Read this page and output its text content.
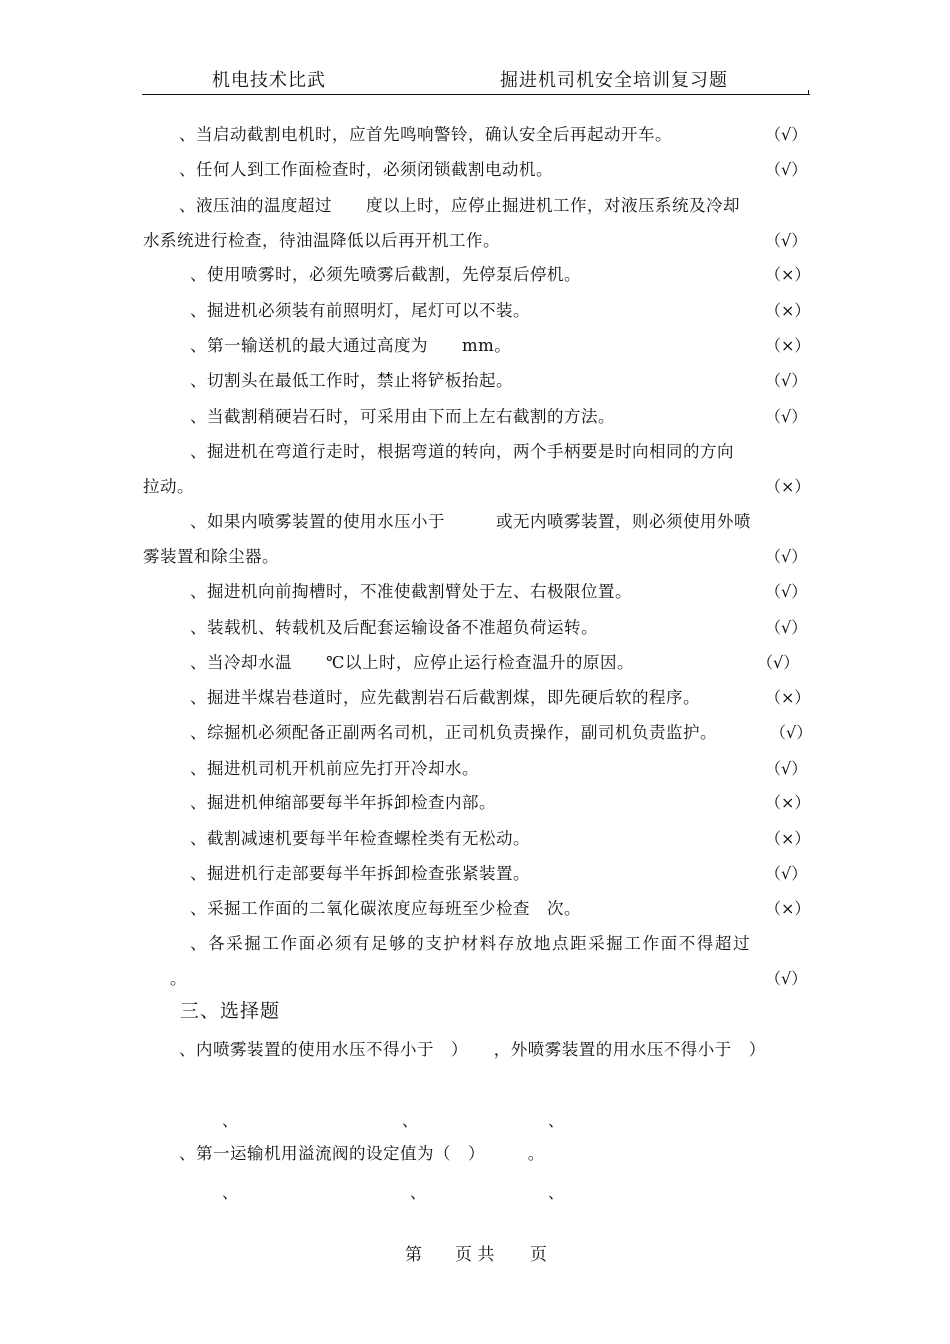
机电技术比武	掘进机司机安全培训复习题
、当启动截割电机时，应首先鸣响警铃，确认安全后再起动开车。	（√）
、任何人到工作面检查时，必须闭锁截割电动机。	（√）
、液压油的温度超过　　度以上时，应停止掘进机工作，对液压系统及冷却
水系统进行检查，待油温降低以后再开机工作。	（√）
、使用喷雾时，必须先喷雾后截割，先停泵后停机。	（×）
、掘进机必须装有前照明灯，尾灯可以不装。	（×）
、第一输送机的最大通过高度为　　mm。	（×）
、切割头在最低工作时，禁止将铲板抬起。	（√）
、当截割稍硬岩石时，可采用由下而上左右截割的方法。	（√）
、掘进机在弯道行走时，根据弯道的转向，两个手柄要是时向相同的方向
拉动。	（×）
、如果内喷雾装置的使用水压小于　　　或无内喷雾装置，则必须使用外喷
雾装置和除尘器。	（√）
、掘进机向前掏槽时，不准使截割臂处于左、右极限位置。	（√）
、装载机、转载机及后配套运输设备不准超负荷运转。	（√）
、当冷却水温　　℃以上时，应停止运行检查温升的原因。	（√）
、掘进半煤岩巷道时，应先截割岩石后截割煤，即先硬后软的程序。	（×）
、综掘机必须配备正副两名司机，正司机负责操作，副司机负责监护。	（√）
、掘进机司机开机前应先打开冷却水。	（√）
、掘进机伸缩部要每半年拆卸检查内部。	（×）
、截割减速机要每半年检查螺栓类有无松动。	（×）
、掘进机行走部要每半年拆卸检查张紧装置。	（√）
、采掘工作面的二氧化碳浓度应每班至少检查　次。	（×）
、各采掘工作面必须有足够的支护材料存放地点距采掘工作面不得超过
。	（√）
三、选择题
、内喷雾装置的使用水压不得小于　）　　，外喷雾装置的用水压不得小于　）
、	、	、
、第一运输机用溢流阀的设定值为（　）　　　。
、	、	、
第 页 共 页
